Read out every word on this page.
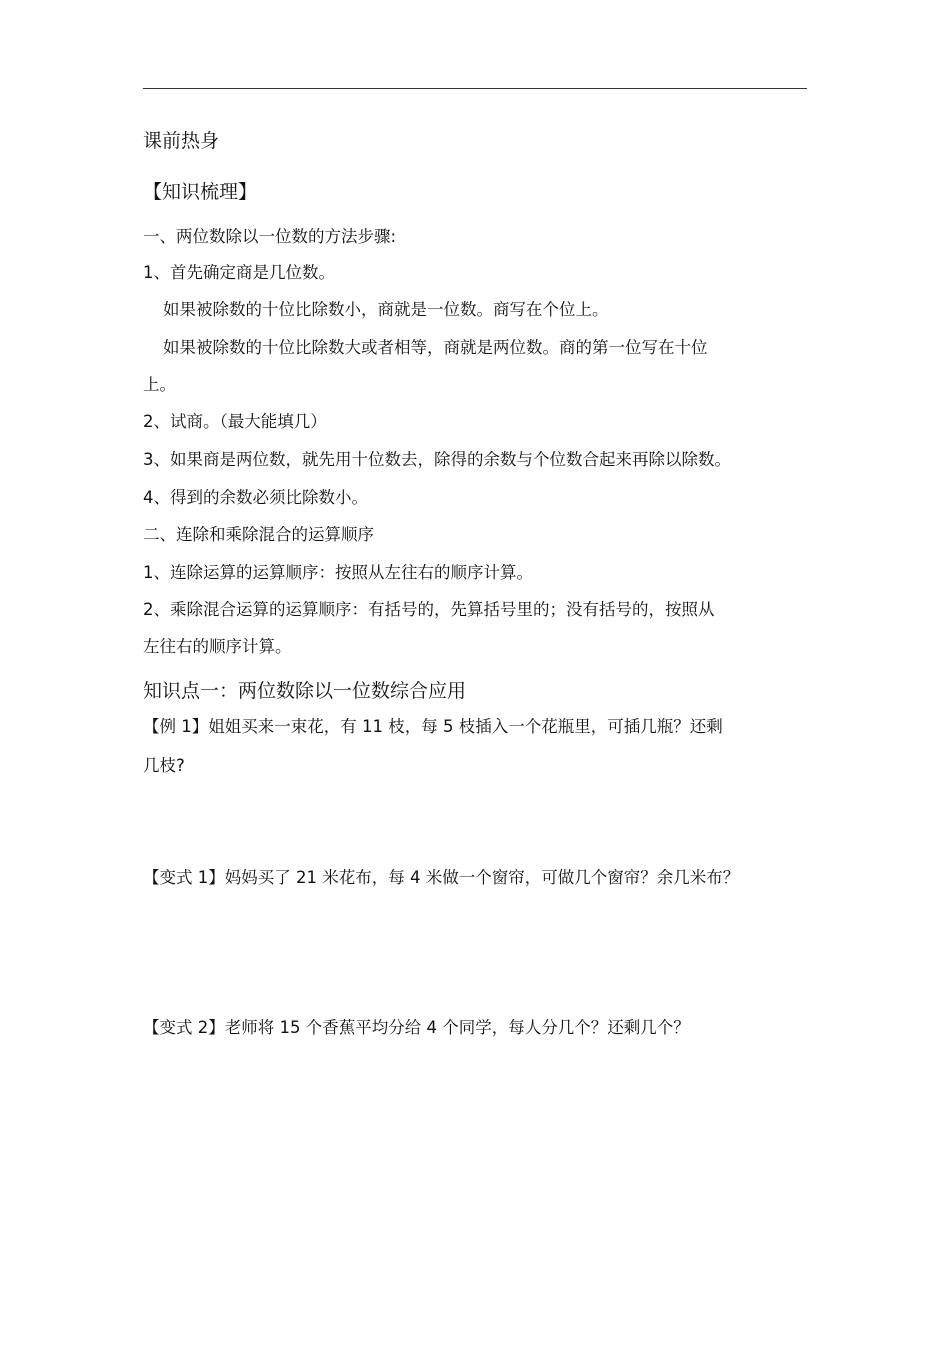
课前热身
【知识梳理】
一、两位数除以一位数的方法步骤:
1、首先确定商是几位数。
如果被除数的十位比除数小，商就是一位数。商写在个位上。
如果被除数的十位比除数大或者相等，商就是两位数。商的第一位写在十位
上。
2、试商。（最大能填几）
3、如果商是两位数，就先用十位数去，除得的余数与个位数合起来再除以除数。
4、得到的余数必须比除数小。
二、连除和乘除混合的运算顺序
1、连除运算的运算顺序：按照从左往右的顺序计算。
2、乘除混合运算的运算顺序：有括号的，先算括号里的；没有括号的，按照从
左往右的顺序计算。
知识点一：两位数除以一位数综合应用
【例 1】姐姐买来一束花，有 11 枝，每 5 枝插入一个花瓶里，可插几瓶？还剩
几枝?
【变式 1】妈妈买了 21 米花布，每 4 米做一个窗帘，可做几个窗帘？余几米布？
【变式 2】老师将 15 个香蕉平均分给 4 个同学，每人分几个？还剩几个？
